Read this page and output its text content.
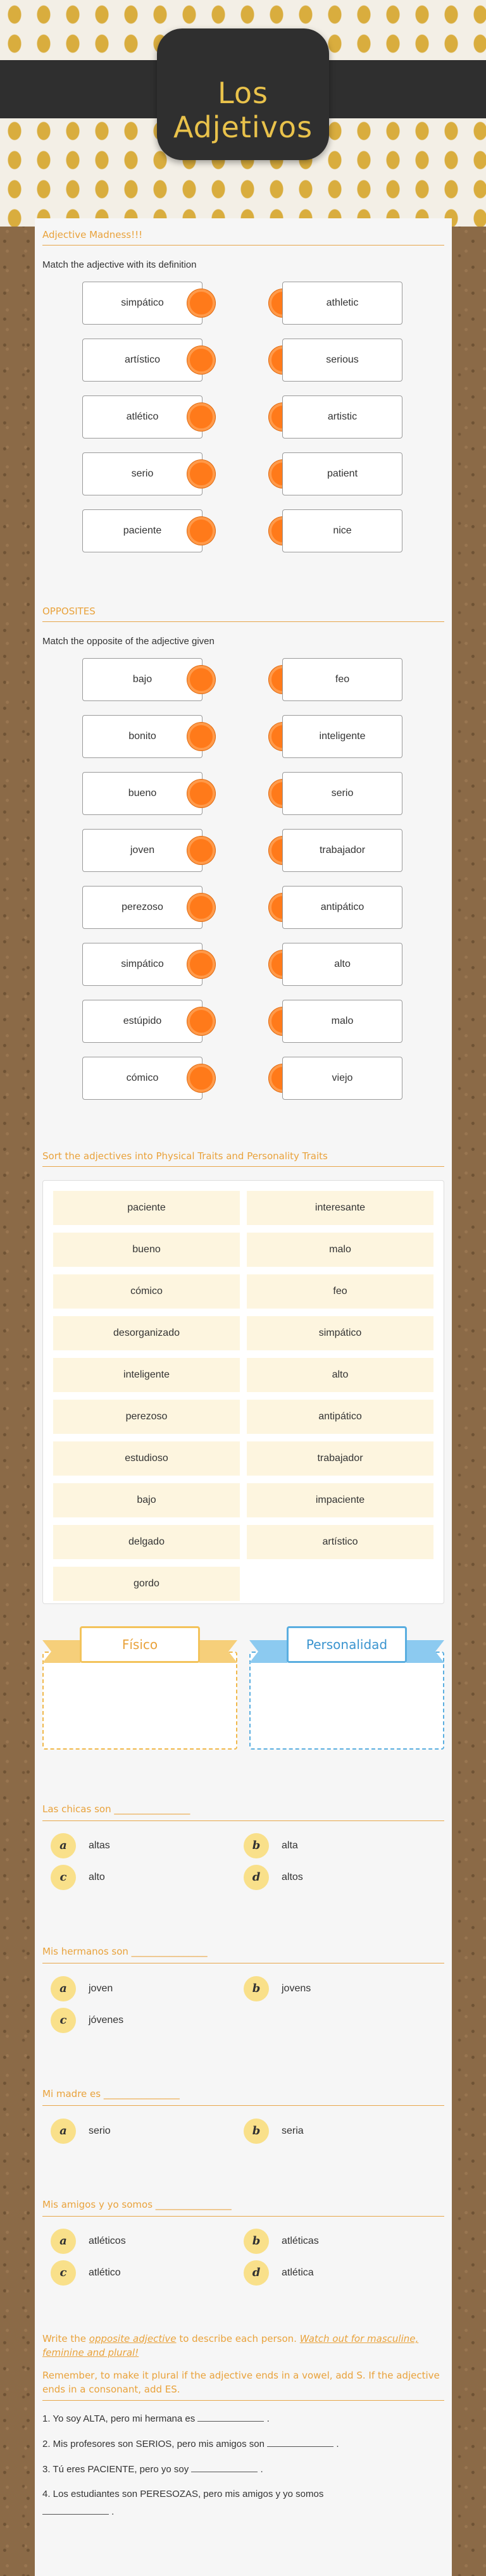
Los Adjetivos
Adjective Madness!!!
Match the adjective with its definition
simpático
artístico
atlético
serio
paciente
athletic
serious
artistic
patient
nice
OPPOSITES
Match the opposite of the adjective given
bajo
bonito
bueno
joven
perezoso
simpático
estúpido
cómico
feo
inteligente
serio
trabajador
antipático
alto
malo
viejo
Sort the adjectives into Physical Traits and Personality Traits
paciente	interesante
bueno	malo
cómico	feo
desorganizado	simpático
inteligente	alto
perezoso	antipático
estudioso	trabajador
bajo	impaciente
delgado	artístico
gordo
Físico	Personalidad
Las chicas son ________________
a	altas	b	alta
c	alto	d	altos
Mis hermanos son ________________
a	joven	b	jovens
c	jóvenes
Mi madre es ________________
a	serio	b	seria
Mis amigos y yo somos ________________
a	atléticos	b	atléticas
c	atlético	d	atlética
Write the opposite adjective to describe each person. Watch out for masculine, feminine and plural!
Remember, to make it plural if the adjective ends in a vowel, add S. If the adjective ends in a consonant, add ES.
1. Yo soy ALTA, pero mi hermana es	.
2. Mis profesores son SERIOS, pero mis amigos son	.
3. Tú eres PACIENTE, pero yo soy	.
4. Los estudiantes son PERESOZAS, pero mis amigos y yo somos
.
